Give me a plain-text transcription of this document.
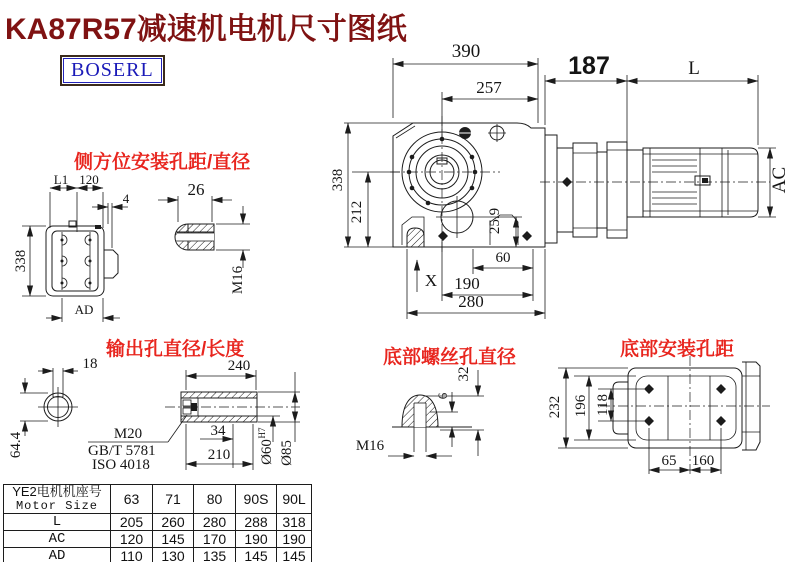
390
257
187	L
AC
338
212	25.9
X
60
190
280
L1 120
4
338
AD
26
M16
18
64.4
240
34
210 Ø60
H7
Ø85
M20
GB/T 5781
ISO 4018
M16
6
32
232 196 118
65 160
KA87R57减速机电机尺寸图纸
BOSERL
侧方位安装孔距/直径
输出孔直径/长度	底部螺丝孔直径	底部安装孔距
YE2电机机座号
Motor Size	63	71	80	90S	90L
L	205	260	280	288	318
AC	120	145	170	190	190
AD	110	130	135	145	145
